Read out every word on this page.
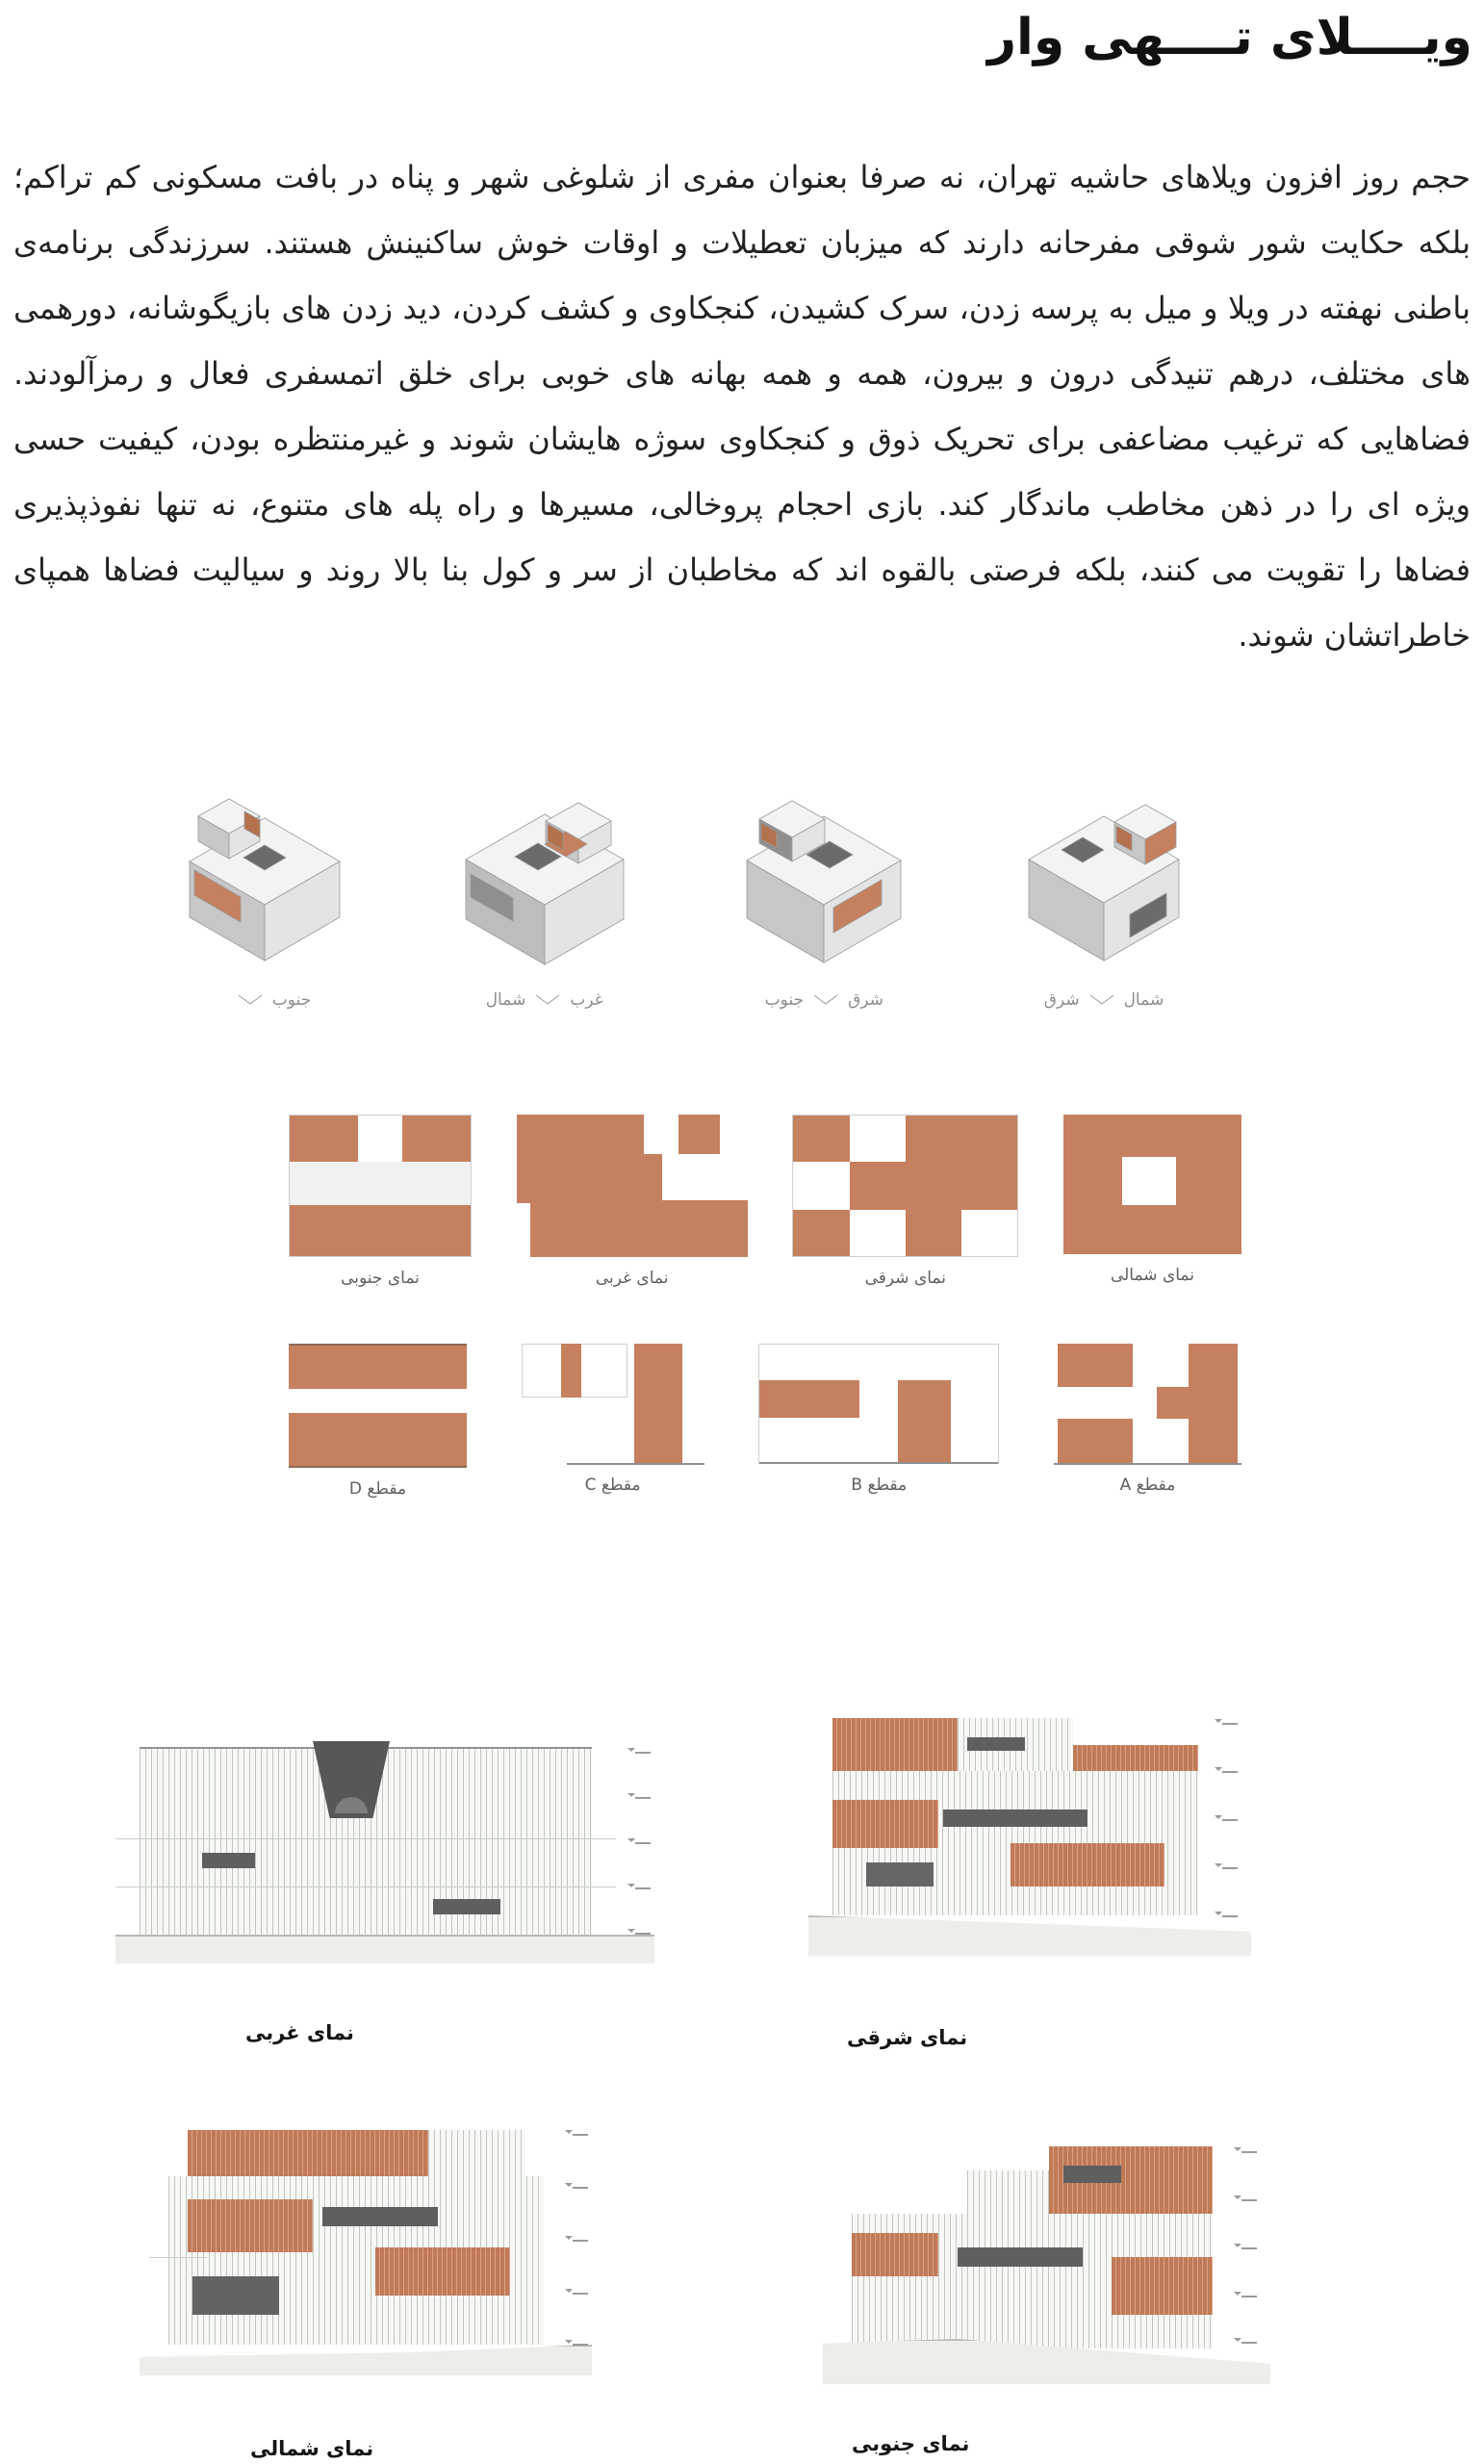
ویــــلای تــــهی وار

حجم روز افزون ویلاهای حاشیه تهران، نه صرفا بعنوان مفری از شلوغی شهر و پناه در بافت مسکونی کم تراکم؛ بلکه حکایت شور شوقی مفرحانه دارند که میزبان تعطیلات و اوقات خوش ساکنینش هستند. سرزندگی برنامه‌ی باطنی نهفته در ویلا و میل به پرسه زدن، سرک کشیدن، کنجکاوی و کشف کردن، دید زدن های بازیگوشانه، دورهمی های مختلف، درهم تنیدگی درون و بیرون، همه و همه بهانه های خوبی برای خلق اتمسفری فعال و رمزآلودند. فضاهایی که ترغیب مضاعفی برای تحریک ذوق و کنجکاوی سوژه هایشان شوند و غیرمنتظره بودن، کیفیت حسی ویژه ای را در ذهن مخاطب ماندگار کند. بازی احجام پروخالی، مسیرها و راه پله های متنوع، نه تنها نفوذپذیری فضاها را تقویت می کنند، بلکه فرصتی بالقوه اند که مخاطبان از سر و کول بنا بالا روند و سیالیت فضاها همپای خاطراتشان شوند.

جنوب	شمال	غرب	جنوب	شرق	شرق	شمال
نمای جنوبی	نمای غربی	نمای شرقی	نمای شمالی
مقطع D	مقطع C	مقطع B	مقطع A
نمای غربی	نمای شرقی
نمای شمالی	نمای جنوبی
